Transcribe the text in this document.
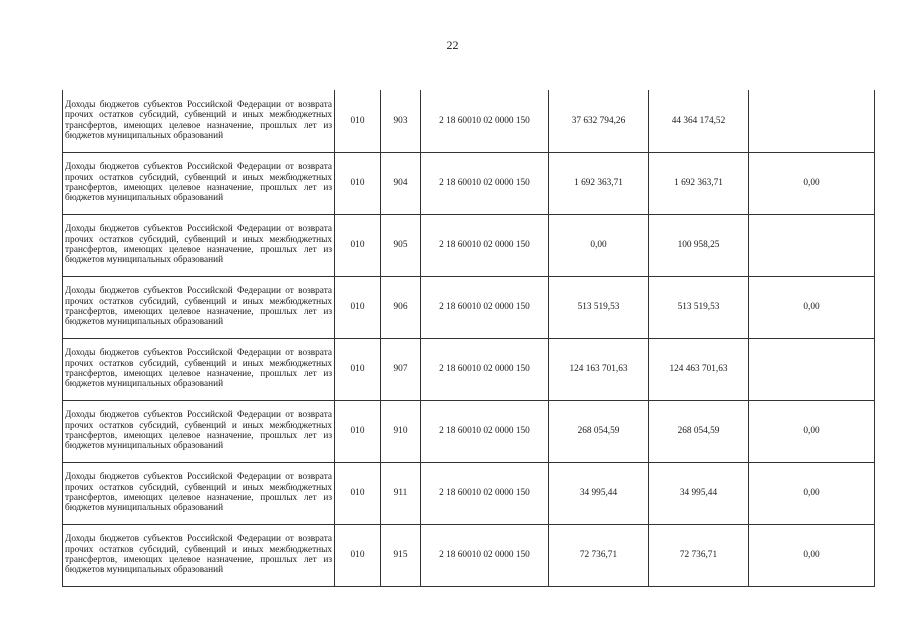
22
Доходы бюджетов субъектов Российской Федерации от возврата прочих остатков субсидий, субвенций и иных межбюджетных трансфертов, имеющих целевое назначение, прошлых лет из бюджетов муниципальных образований	010	903	2 18 60010 02 0000 150	37 632 794,26	44 364 174,52	
Доходы бюджетов субъектов Российской Федерации от возврата прочих остатков субсидий, субвенций и иных межбюджетных трансфертов, имеющих целевое назначение, прошлых лет из бюджетов муниципальных образований	010	904	2 18 60010 02 0000 150	1 692 363,71	1 692 363,71	0,00
Доходы бюджетов субъектов Российской Федерации от возврата прочих остатков субсидий, субвенций и иных межбюджетных трансфертов, имеющих целевое назначение, прошлых лет из бюджетов муниципальных образований	010	905	2 18 60010 02 0000 150	0,00	100 958,25	
Доходы бюджетов субъектов Российской Федерации от возврата прочих остатков субсидий, субвенций и иных межбюджетных трансфертов, имеющих целевое назначение, прошлых лет из бюджетов муниципальных образований	010	906	2 18 60010 02 0000 150	513 519,53	513 519,53	0,00
Доходы бюджетов субъектов Российской Федерации от возврата прочих остатков субсидий, субвенций и иных межбюджетных трансфертов, имеющих целевое назначение, прошлых лет из бюджетов муниципальных образований	010	907	2 18 60010 02 0000 150	124 163 701,63	124 463 701,63	
Доходы бюджетов субъектов Российской Федерации от возврата прочих остатков субсидий, субвенций и иных межбюджетных трансфертов, имеющих целевое назначение, прошлых лет из бюджетов муниципальных образований	010	910	2 18 60010 02 0000 150	268 054,59	268 054,59	0,00
Доходы бюджетов субъектов Российской Федерации от возврата прочих остатков субсидий, субвенций и иных межбюджетных трансфертов, имеющих целевое назначение, прошлых лет из бюджетов муниципальных образований	010	911	2 18 60010 02 0000 150	34 995,44	34 995,44	0,00
Доходы бюджетов субъектов Российской Федерации от возврата прочих остатков субсидий, субвенций и иных межбюджетных трансфертов, имеющих целевое назначение, прошлых лет из бюджетов муниципальных образований	010	915	2 18 60010 02 0000 150	72 736,71	72 736,71	0,00
